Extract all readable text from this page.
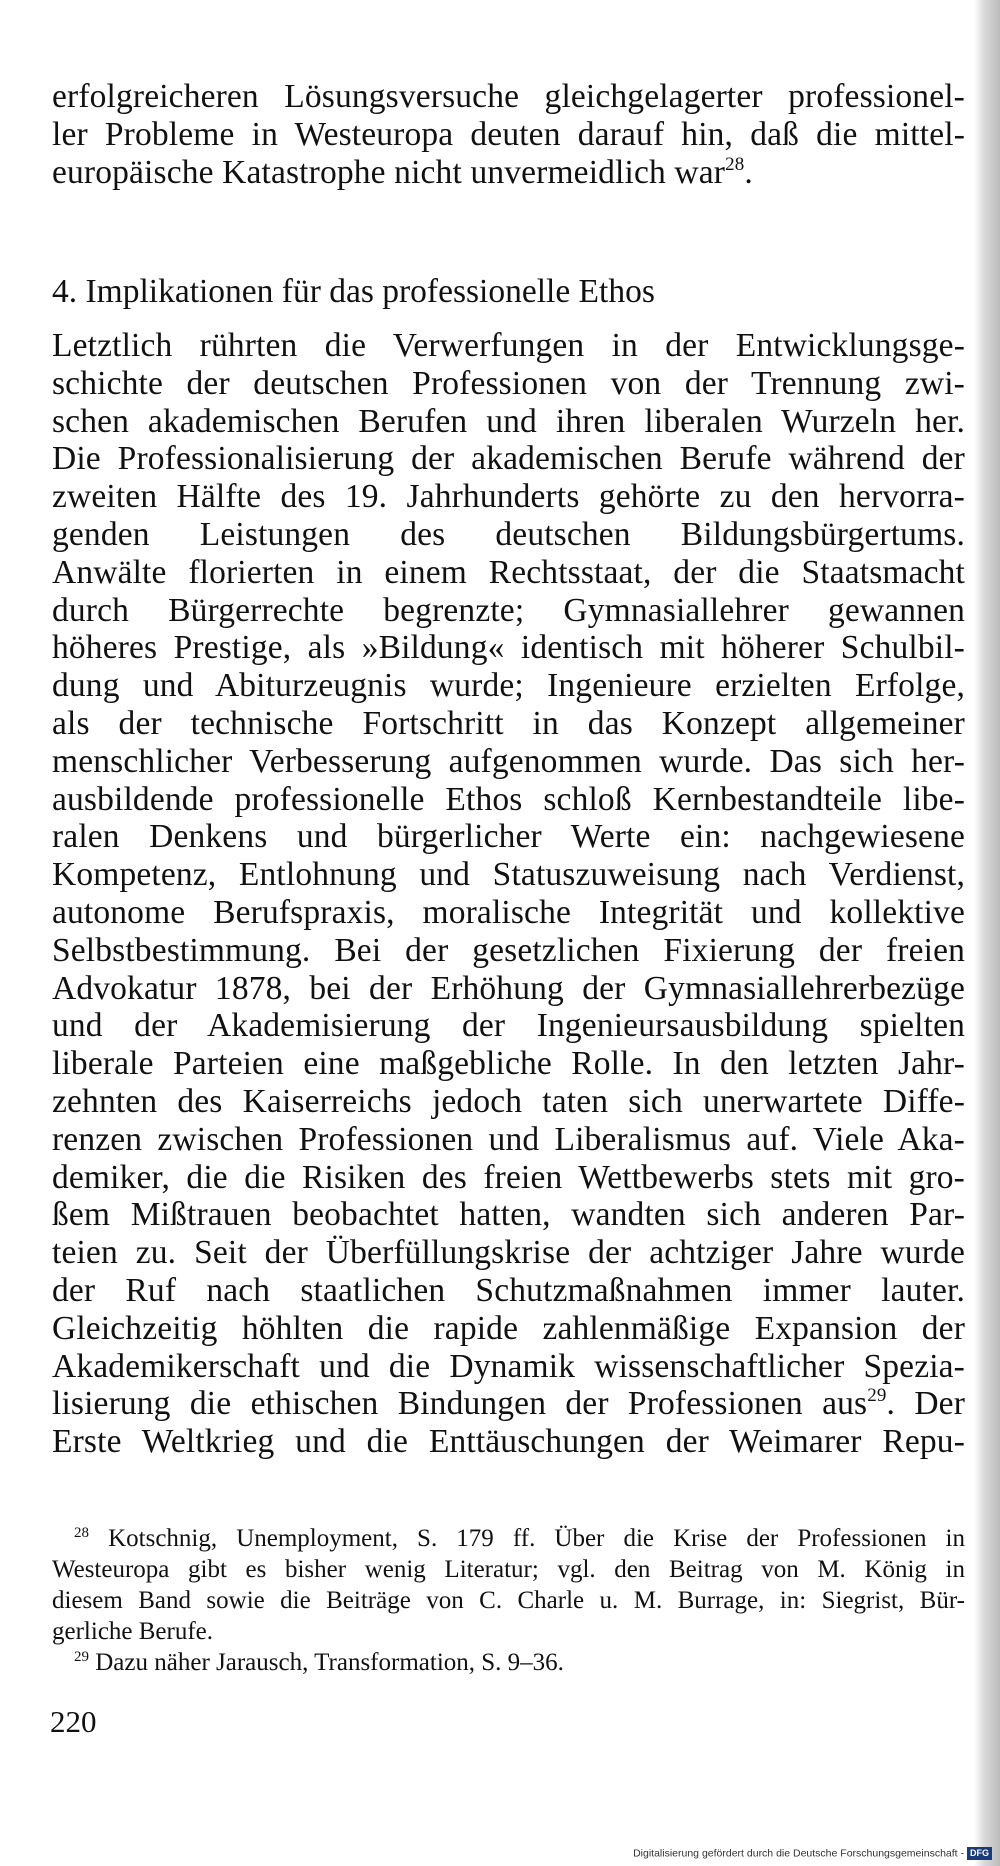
erfolgreicheren Lösungsversuche gleichgelagerter professionel-
ler Probleme in Westeuropa deuten darauf hin, daß die mittel-
europäische Katastrophe nicht unvermeidlich war$^{28}$.
4. Implikationen für das professionelle Ethos
Letztlich rührten die Verwerfungen in der Entwicklungsge-
schichte der deutschen Professionen von der Trennung zwi-
schen akademischen Berufen und ihren liberalen Wurzeln her.
Die Professionalisierung der akademischen Berufe während der
zweiten Hälfte des 19. Jahrhunderts gehörte zu den hervorra-
genden Leistungen des deutschen Bildungsbürgertums.
Anwälte florierten in einem Rechtsstaat, der die Staatsmacht
durch Bürgerrechte begrenzte; Gymnasiallehrer gewannen
höheres Prestige, als »Bildung« identisch mit höherer Schulbil-
dung und Abiturzeugnis wurde; Ingenieure erzielten Erfolge,
als der technische Fortschritt in das Konzept allgemeiner
menschlicher Verbesserung aufgenommen wurde. Das sich her-
ausbildende professionelle Ethos schloß Kernbestandteile libe-
ralen Denkens und bürgerlicher Werte ein: nachgewiesene
Kompetenz, Entlohnung und Statuszuweisung nach Verdienst,
autonome Berufspraxis, moralische Integrität und kollektive
Selbstbestimmung. Bei der gesetzlichen Fixierung der freien
Advokatur 1878, bei der Erhöhung der Gymnasiallehrerbezüge
und der Akademisierung der Ingenieursausbildung spielten
liberale Parteien eine maßgebliche Rolle. In den letzten Jahr-
zehnten des Kaiserreichs jedoch taten sich unerwartete Diffe-
renzen zwischen Professionen und Liberalismus auf. Viele Aka-
demiker, die die Risiken des freien Wettbewerbs stets mit gro-
ßem Mißtrauen beobachtet hatten, wandten sich anderen Par-
teien zu. Seit der Überfüllungskrise der achtziger Jahre wurde
der Ruf nach staatlichen Schutzmaßnahmen immer lauter.
Gleichzeitig höhlten die rapide zahlenmäßige Expansion der
Akademikerschaft und die Dynamik wissenschaftlicher Spezia-
lisierung die ethischen Bindungen der Professionen aus$^{29}$. Der
Erste Weltkrieg und die Enttäuschungen der Weimarer Repu-
$^{28}$ Kotschnig, Unemployment, S. 179 ff. Über die Krise der Professionen in
Westeuropa gibt es bisher wenig Literatur; vgl. den Beitrag von M. König in
diesem Band sowie die Beiträge von C. Charle u. M. Burrage, in: Siegrist, Bür-
gerliche Berufe.
$^{29}$ Dazu näher Jarausch, Transformation, S. 9–36.
220
Digitalisierung gefördert durch die Deutsche Forschungsgemeinschaft - DFG
